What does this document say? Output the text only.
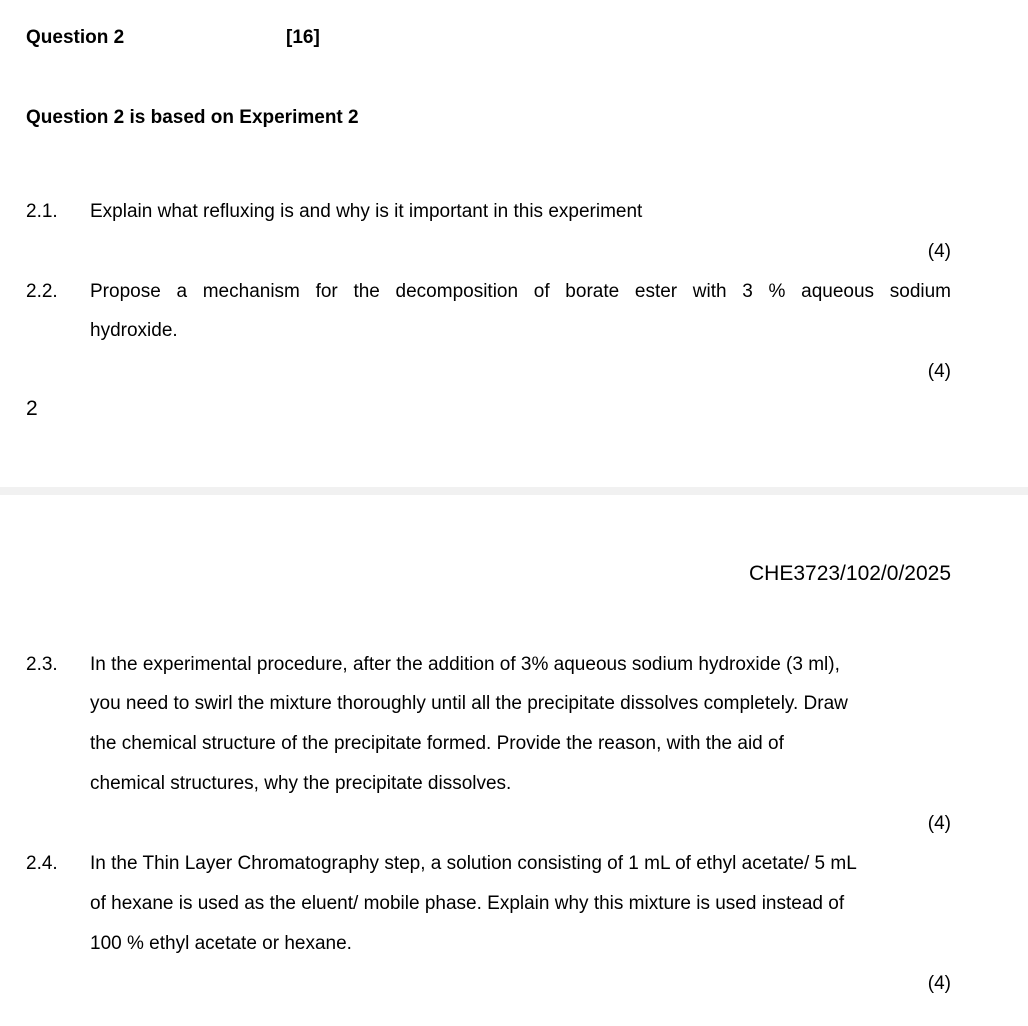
Question 2	[16]
Question 2 is based on Experiment 2
2.1. Explain what refluxing is and why is it important in this experiment
(4)
2.2. Propose a mechanism for the decomposition of borate ester with 3 % aqueous sodium
hydroxide.
(4)
2
CHE3723/102/0/2025
2.3. In the experimental procedure, after the addition of 3% aqueous sodium hydroxide (3 ml),
you need to swirl the mixture thoroughly until all the precipitate dissolves completely. Draw
the chemical structure of the precipitate formed. Provide the reason, with the aid of
chemical structures, why the precipitate dissolves.
(4)
2.4. In the Thin Layer Chromatography step, a solution consisting of 1 mL of ethyl acetate/ 5 mL
of hexane is used as the eluent/ mobile phase. Explain why this mixture is used instead of
100 % ethyl acetate or hexane.
(4)
